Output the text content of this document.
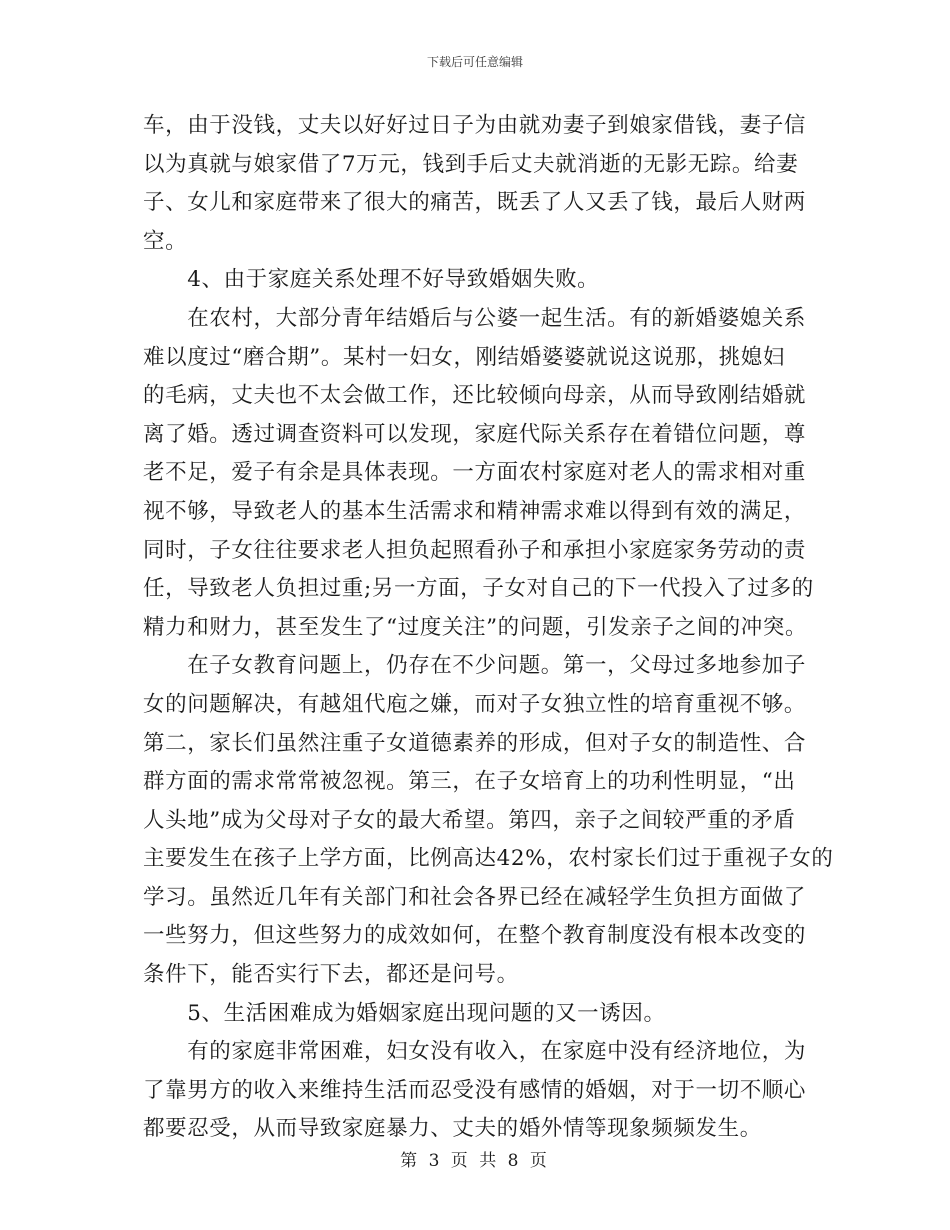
下载后可任意编辑
车，由于没钱，丈夫以好好过日子为由就劝妻子到娘家借钱，妻子信
以为真就与娘家借了7万元，钱到手后丈夫就消逝的无影无踪。给妻
子、女儿和家庭带来了很大的痛苦，既丢了人又丢了钱，最后人财两
空。
　　4、由于家庭关系处理不好导致婚姻失败。
　　在农村，大部分青年结婚后与公婆一起生活。有的新婚婆媳关系
难以度过“磨合期”。某村一妇女，刚结婚婆婆就说这说那，挑媳妇
的毛病，丈夫也不太会做工作，还比较倾向母亲，从而导致刚结婚就
离了婚。透过调查资料可以发现，家庭代际关系存在着错位问题，尊
老不足，爱子有余是具体表现。一方面农村家庭对老人的需求相对重
视不够，导致老人的基本生活需求和精神需求难以得到有效的满足，
同时，子女往往要求老人担负起照看孙子和承担小家庭家务劳动的责
任，导致老人负担过重;另一方面，子女对自己的下一代投入了过多的
精力和财力，甚至发生了“过度关注”的问题，引发亲子之间的冲突。
　　在子女教育问题上，仍存在不少问题。第一，父母过多地参加子
女的问题解决，有越俎代庖之嫌，而对子女独立性的培育重视不够。
第二，家长们虽然注重子女道德素养的形成，但对子女的制造性、合
群方面的需求常常被忽视。第三，在子女培育上的功利性明显，“出
人头地”成为父母对子女的最大希望。第四，亲子之间较严重的矛盾
主要发生在孩子上学方面，比例高达42%，农村家长们过于重视子女的
学习。虽然近几年有关部门和社会各界已经在减轻学生负担方面做了
一些努力，但这些努力的成效如何，在整个教育制度没有根本改变的
条件下，能否实行下去，都还是问号。
　　5、生活困难成为婚姻家庭出现问题的又一诱因。
　　有的家庭非常困难，妇女没有收入，在家庭中没有经济地位，为
了靠男方的收入来维持生活而忍受没有感情的婚姻，对于一切不顺心
都要忍受，从而导致家庭暴力、丈夫的婚外情等现象频频发生。
第 3 页 共 8 页
